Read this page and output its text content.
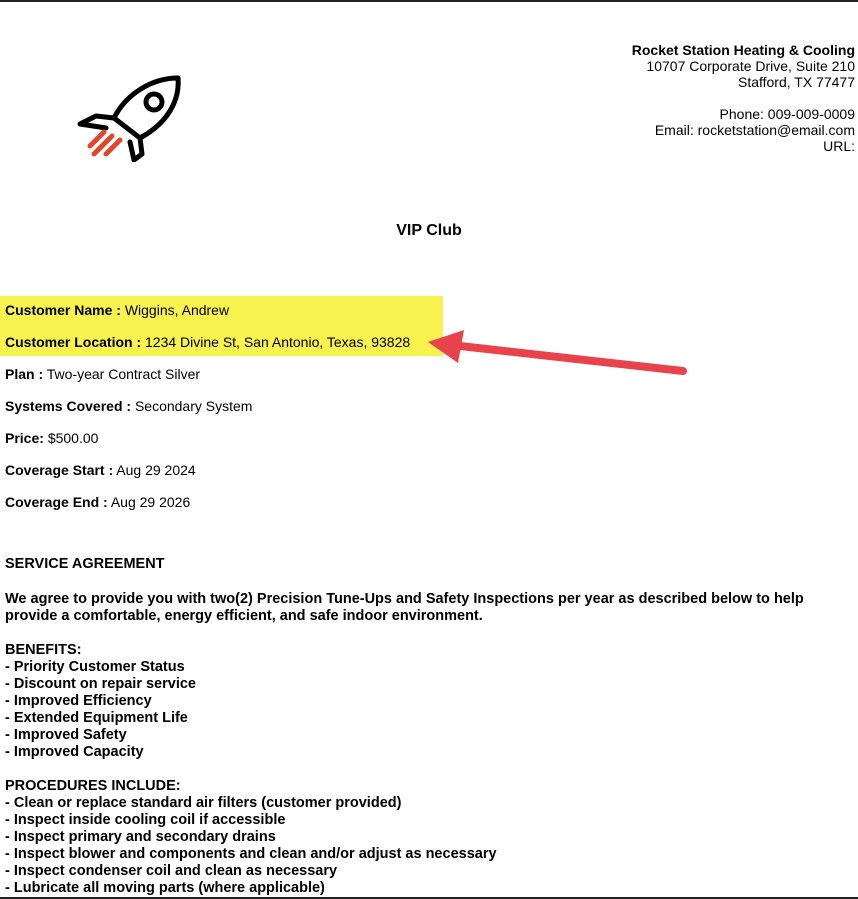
Rocket Station Heating & Cooling
10707 Corporate Drive, Suite 210
Stafford, TX 77477
Phone: 009-009-0009
Email: rocketstation@email.com
URL:
VIP Club
Customer Name : Wiggins, Andrew
Customer Location : 1234 Divine St, San Antonio, Texas, 93828
Plan : Two-year Contract Silver
Systems Covered : Secondary System
Price: $500.00
Coverage Start : Aug 29 2024
Coverage End : Aug 29 2026
SERVICE AGREEMENT
We agree to provide you with two(2) Precision Tune-Ups and Safety Inspections per year as described below to help provide a comfortable, energy efficient, and safe indoor environment.
BENEFITS:
- Priority Customer Status
- Discount on repair service
- Improved Efficiency
- Extended Equipment Life
- Improved Safety
- Improved Capacity
PROCEDURES INCLUDE:
- Clean or replace standard air filters (customer provided)
- Inspect inside cooling coil if accessible
- Inspect primary and secondary drains
- Inspect blower and components and clean and/or adjust as necessary
- Inspect condenser coil and clean as necessary
- Lubricate all moving parts (where applicable)
